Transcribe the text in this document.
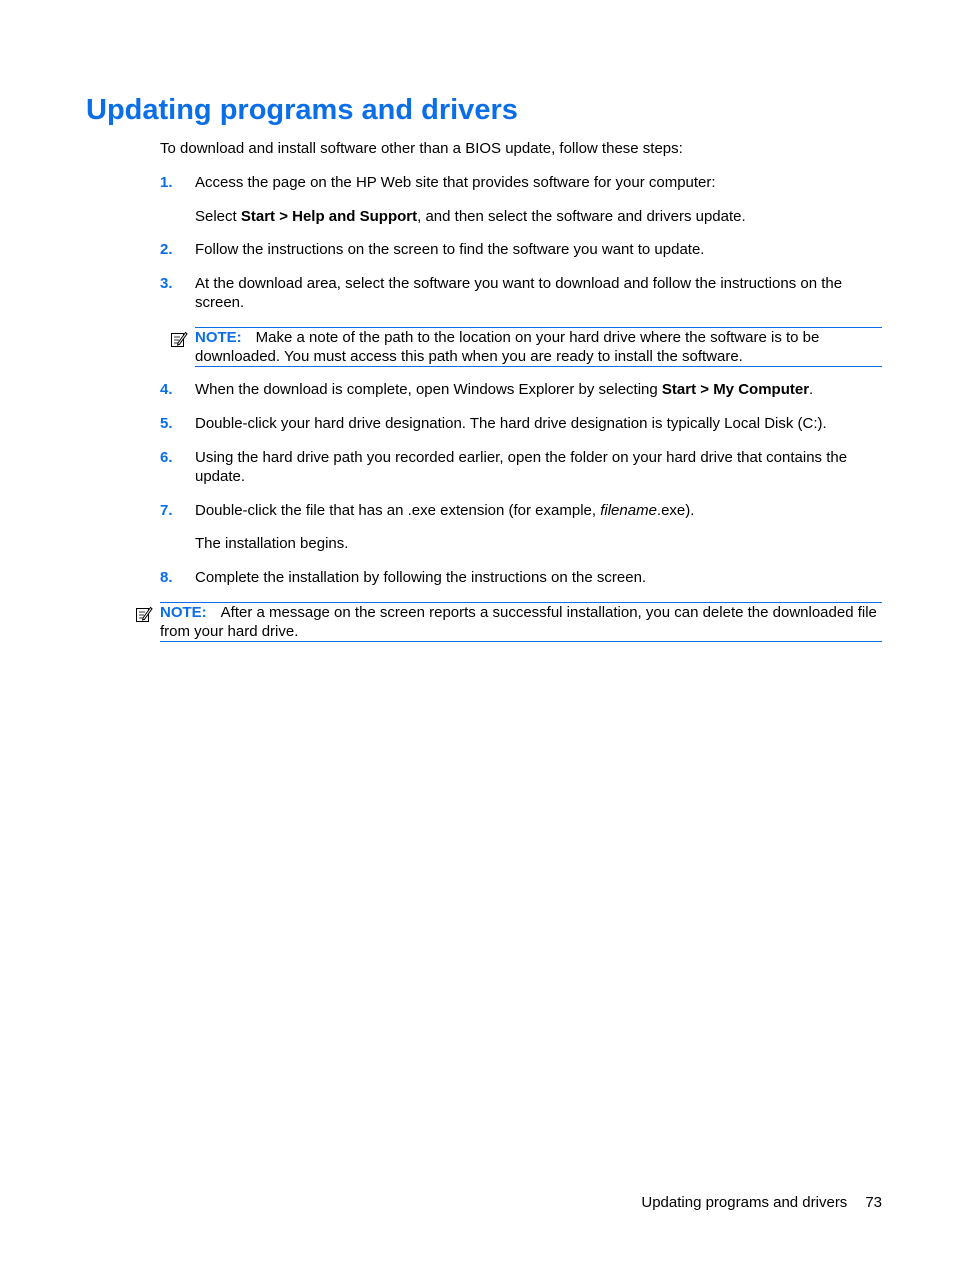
Updating programs and drivers

To download and install software other than a BIOS update, follow these steps:

1. Access the page on the HP Web site that provides software for your computer:
Select Start > Help and Support, and then select the software and drivers update.
2. Follow the instructions on the screen to find the software you want to update.
3. At the download area, select the software you want to download and follow the instructions on the screen.
NOTE: Make a note of the path to the location on your hard drive where the software is to be downloaded. You must access this path when you are ready to install the software.
4. When the download is complete, open Windows Explorer by selecting Start > My Computer.
5. Double-click your hard drive designation. The hard drive designation is typically Local Disk (C:).
6. Using the hard drive path you recorded earlier, open the folder on your hard drive that contains the update.
7. Double-click the file that has an .exe extension (for example, filename.exe).
The installation begins.
8. Complete the installation by following the instructions on the screen.
NOTE: After a message on the screen reports a successful installation, you can delete the downloaded file from your hard drive.
Updating programs and drivers 73
